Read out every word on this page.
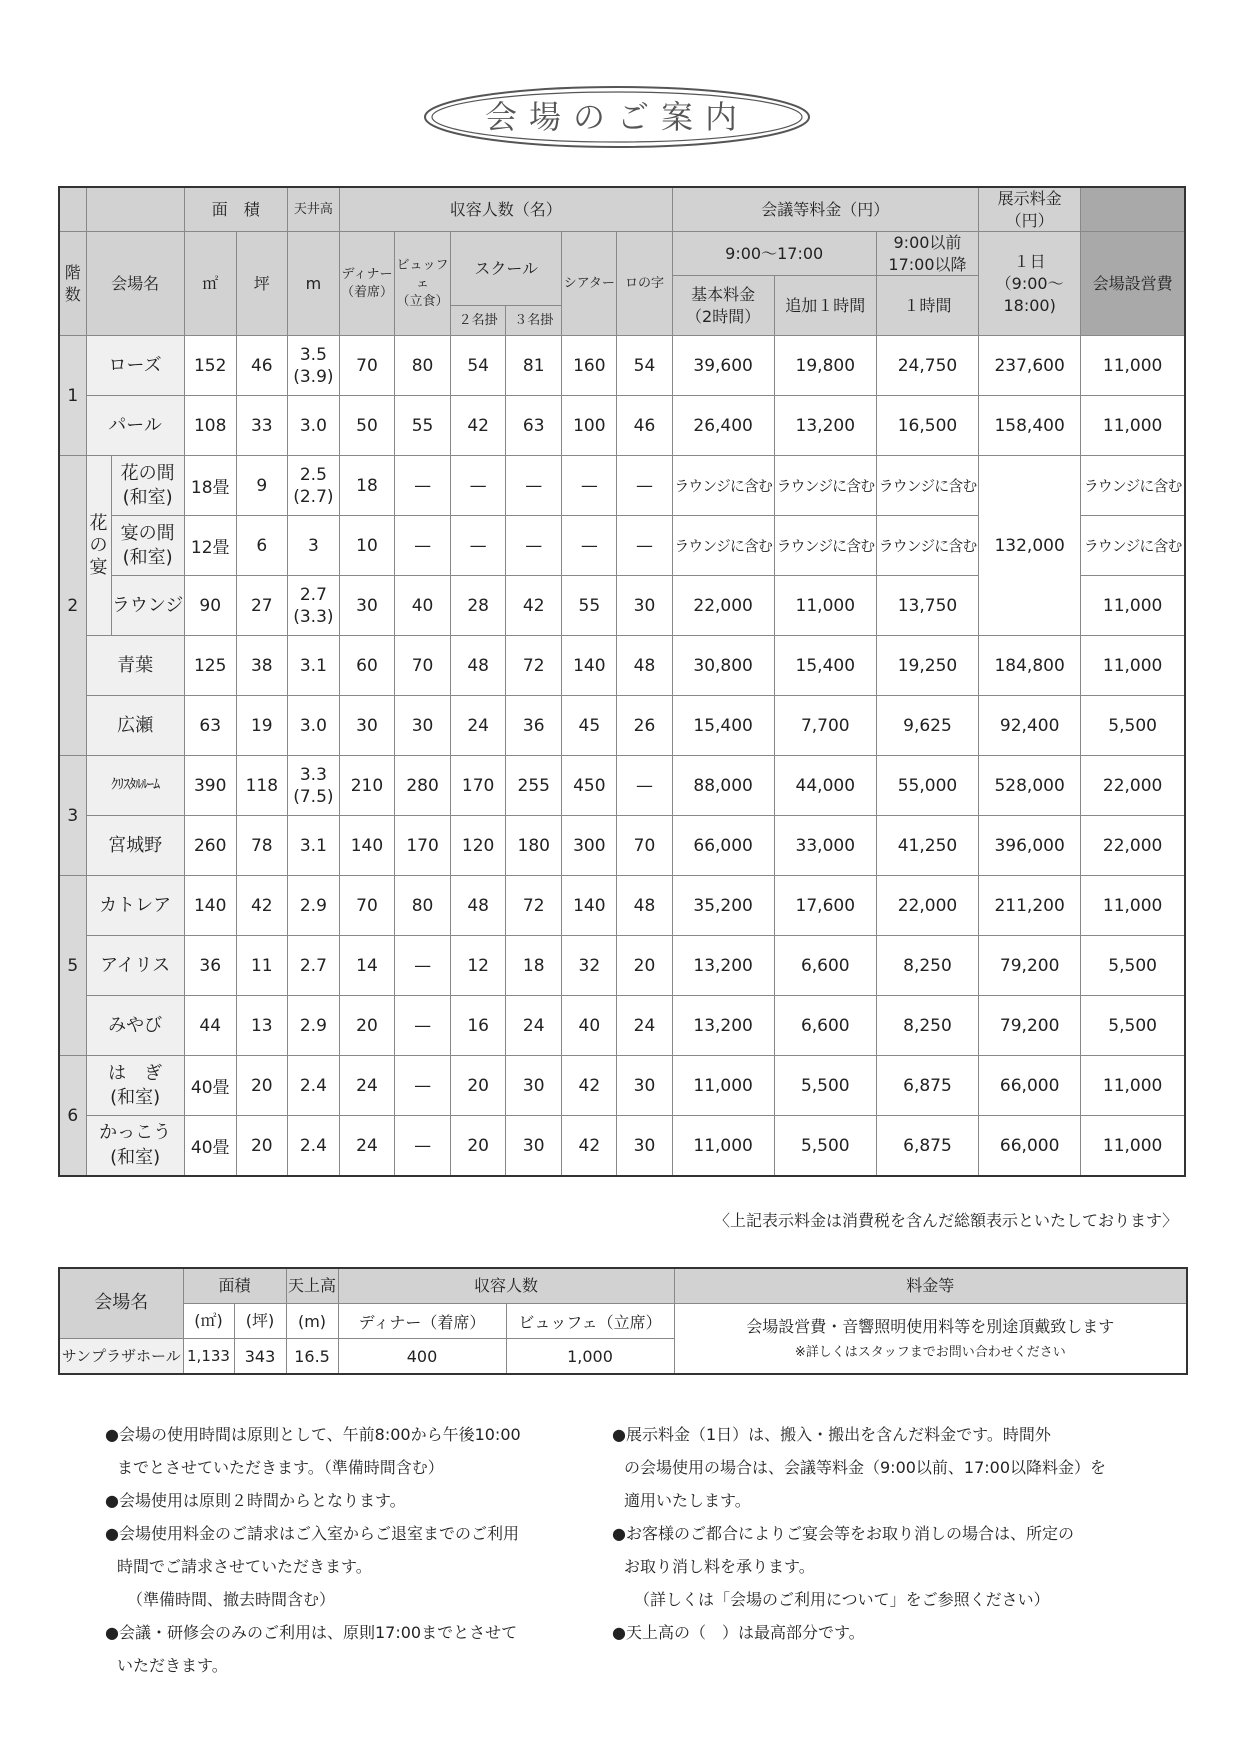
会場のご案内
			面　積		天井高	収容人数（名）						会議等料金（円）			展示料金
（円）	
階
数	会場名		㎡	坪	m	ディナー
（着席）	ビュッフェ
（立食）	スクール		シアター	ロの字	9:00～17:00		9:00以前
17:00以降	１日
（9:00～
18:00)	会場設営費
												基本料金
（2時間）	追加１時間	１時間		
								２名掛	３名掛							
1	ローズ		152	46	3.5
(3.9)	70	80	54	81	160	54	39,600	19,800	24,750	237,600	11,000
	パール		108	33	3.0	50	55	42	63	100	46	26,400	13,200	16,500	158,400	11,000
2	花
の
宴	花の間
(和室)	18畳	9	2.5
(2.7)	18	—	—	—	—	—	ラウンジに含む	ラウンジに含む	ラウンジに含む	132,000	ラウンジに含む
		宴の間
(和室)	12畳	6	3	10	—	—	—	—	—	ラウンジに含む	ラウンジに含む	ラウンジに含む		ラウンジに含む
		ラウンジ	90	27	2.7
(3.3)	30	40	28	42	55	30	22,000	11,000	13,750		11,000
	青葉		125	38	3.1	60	70	48	72	140	48	30,800	15,400	19,250	184,800	11,000
	広瀬		63	19	3.0	30	30	24	36	45	26	15,400	7,700	9,625	92,400	5,500
3	ｸﾘｽﾀﾙﾙｰﾑ		390	118	3.3
(7.5)	210	280	170	255	450	—	88,000	44,000	55,000	528,000	22,000
	宮城野		260	78	3.1	140	170	120	180	300	70	66,000	33,000	41,250	396,000	22,000
5	カトレア		140	42	2.9	70	80	48	72	140	48	35,200	17,600	22,000	211,200	11,000
	アイリス		36	11	2.7	14	—	12	18	32	20	13,200	6,600	8,250	79,200	5,500
	みやび		44	13	2.9	20	—	16	24	40	24	13,200	6,600	8,250	79,200	5,500
6	は　ぎ
(和室)		40畳	20	2.4	24	—	20	30	42	30	11,000	5,500	6,875	66,000	11,000
	かっこう
(和室)		40畳	20	2.4	24	—	20	30	42	30	11,000	5,500	6,875	66,000	11,000
〈上記表示料金は消費税を含んだ総額表示といたしております〉
会場名	面積		天上高	収容人数		料金等
	(㎡)	(坪)	(m)	ディナー（着席）	ビュッフェ（立席）	会場設営費・音響照明使用料等を別途頂戴致します
※詳しくはスタッフまでお問い合わせください
サンプラザホール	1,133	343	16.5	400	1,000	

●会場の使用時間は原則として、午前8:00から午後10:00

までとさせていただきます。（準備時間含む）

●会場使用は原則２時間からとなります。

●会場使用料金のご請求はご入室からご退室までのご利用

時間でご請求させていただきます。

（準備時間、撤去時間含む）

●会議・研修会のみのご利用は、原則17:00までとさせて

いただきます。

●展示料金（1日）は、搬入・搬出を含んだ料金です。時間外

の会場使用の場合は、会議等料金（9:00以前、17:00以降料金）を

適用いたします。

●お客様のご都合によりご宴会等をお取り消しの場合は、所定の

お取り消し料を承ります。

（詳しくは「会場のご利用について」をご参照ください）

●天上高の（　）は最高部分です。
